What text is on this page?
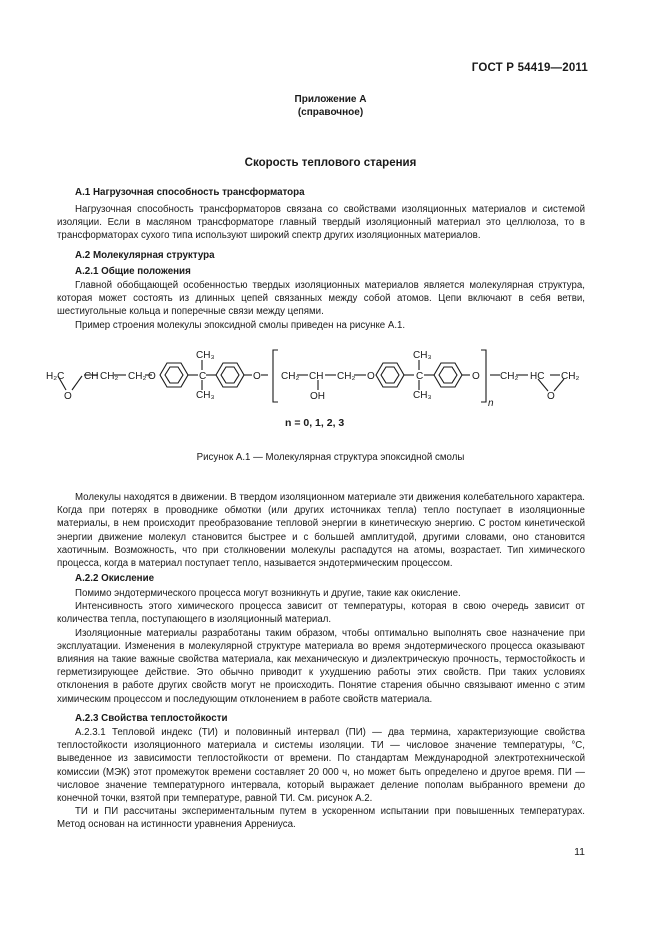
ГОСТ Р 54419—2011
Приложение А
(справочное)
Скорость теплового старения
А.1 Нагрузочная способность трансформатора

Нагрузочная способность трансформаторов связана со свойствами изоляционных материалов и системой изоляции. Если в масляном трансформаторе главный твердый изоляционный материал это целлюлоза, то в трансформаторах сухого типа используют широкий спектр других изоляционных материалов.

А.2 Молекулярная структура
А.2.1 Общие положения

Главной обобщающей особенностью твердых изоляционных материалов является молекулярная структура, которая может состоять из длинных цепей связанных между собой атомов. Цепи включают в себя ветви, шестиугольные кольца и поперечные связи между цепями.

Пример строения молекулы эпоксидной смолы приведен на рисунке А.1.

H₂C
O
CH CH₂ CH₂ O
CH₃
C
CH₃
O CH₂ CH
OH
CH₂ O
CH₃
C
CH₃
O
n
CH₂ HC
O
CH₂
n = 0, 1, 2, 3
Рисунок А.1 — Молекулярная структура эпоксидной смолы

Молекулы находятся в движении. В твердом изоляционном материале эти движения колебательного характера. Когда при потерях в проводнике обмотки (или других источниках тепла) тепло поступает в изоляционные материалы, в нем происходит преобразование тепловой энергии в кинетическую энергию. С ростом кинетической энергии движение молекул становится быстрее и с большей амплитудой, другими словами, оно становится хаотичным. Возможность, что при столкновении молекулы распадутся на атомы, возрастает. Тип химического процесса, когда в материал поступает тепло, называется эндотермическим процессом.

А.2.2 Окисление

Помимо эндотермического процесса могут возникнуть и другие, такие как окисление.

Интенсивность этого химического процесса зависит от температуры, которая в свою очередь зависит от количества тепла, поступающего в изоляционный материал.

Изоляционные материалы разработаны таким образом, чтобы оптимально выполнять свое назначение при эксплуатации. Изменения в молекулярной структуре материала во время эндотермического процесса оказывают влияния на такие важные свойства материала, как механическую и диэлектрическую прочность, термостойкость и герметизирующее действие. Это обычно приводит к ухудшению работы этих свойств. При таких условиях отклонения в работе других свойств могут не происходить. Понятие старения обычно связывают именно с этим химическим процессом и последующим отклонением в работе свойств материала.

А.2.3 Свойства теплостойкости

А.2.3.1 Тепловой индекс (ТИ) и половинный интервал (ПИ) — два термина, характеризующие свойства теплостойкости изоляционного материала и системы изоляции. ТИ — числовое значение температуры, °С, выведенное из зависимости теплостойкости от времени. По стандартам Международной электротехнической комиссии (МЭК) этот промежуток времени составляет 20 000 ч, но может быть определено и другое время. ПИ — числовое значение температурного интервала, который выражает деление пополам выбранного времени до конечной точки, взятой при температуре, равной ТИ. См. рисунок А.2.

ТИ и ПИ рассчитаны экспериментальным путем в ускоренном испытании при повышенных температурах. Метод основан на истинности уравнения Аррениуса.

11
